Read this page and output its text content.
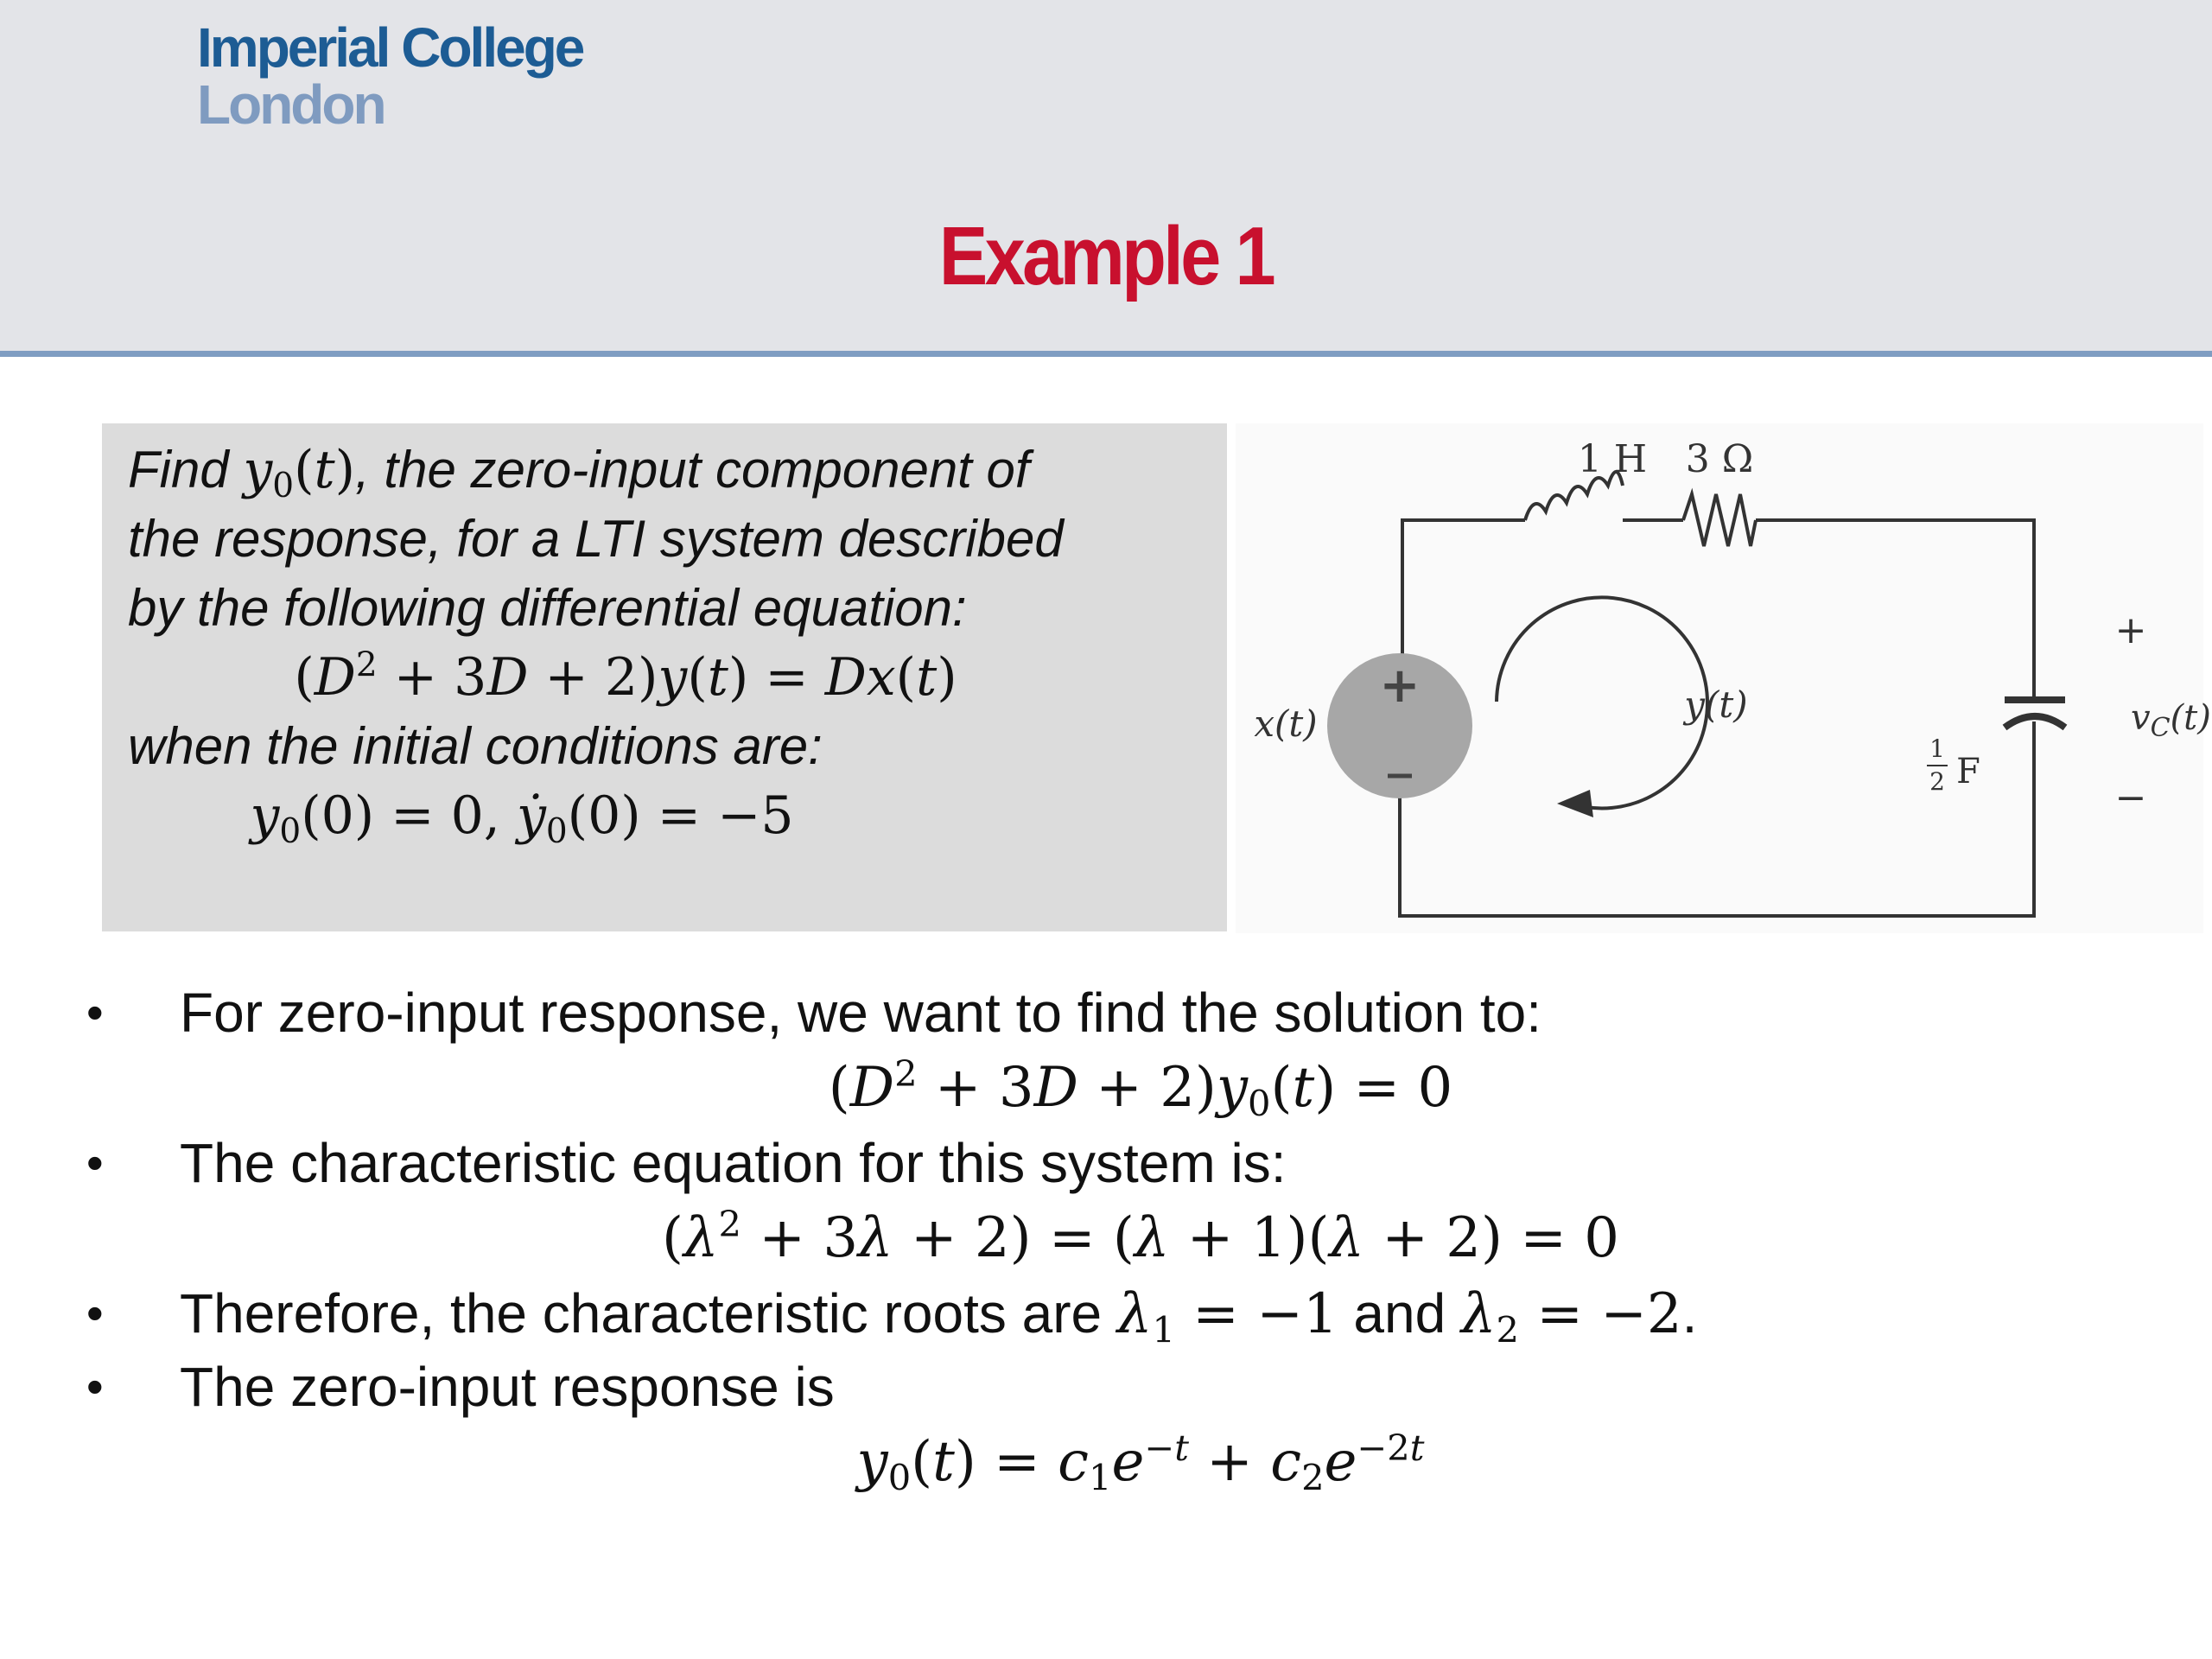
Imperial College
London
Example 1
Find $y_0(t)$, the zero-input component of
the response, for a LTI system described
by the following differential equation:
$(D^2 + 3D + 2)y(t) = Dx(t)$
when the initial conditions are:
$y_0(0) = 0$, ẏ$_0$(0) = −5
+
1 H 3 Ω
x(t)	y(t)
1
2 F
$v_C(t)$
+
−
• For zero-input response, we want to find the solution to:
$(D^2 + 3D + 2)y_0(t) = 0$
• The characteristic equation for this system is:
$(\lambda^2 + 3\lambda + 2) = (\lambda + 1)(\lambda + 2) = 0$
• Therefore, the characteristic roots are $\lambda_1 = -1$ and $\lambda_2 = -2$.
• The zero-input response is
$y_0(t) = c_1e^{-t} + c_2e^{-2t}$
